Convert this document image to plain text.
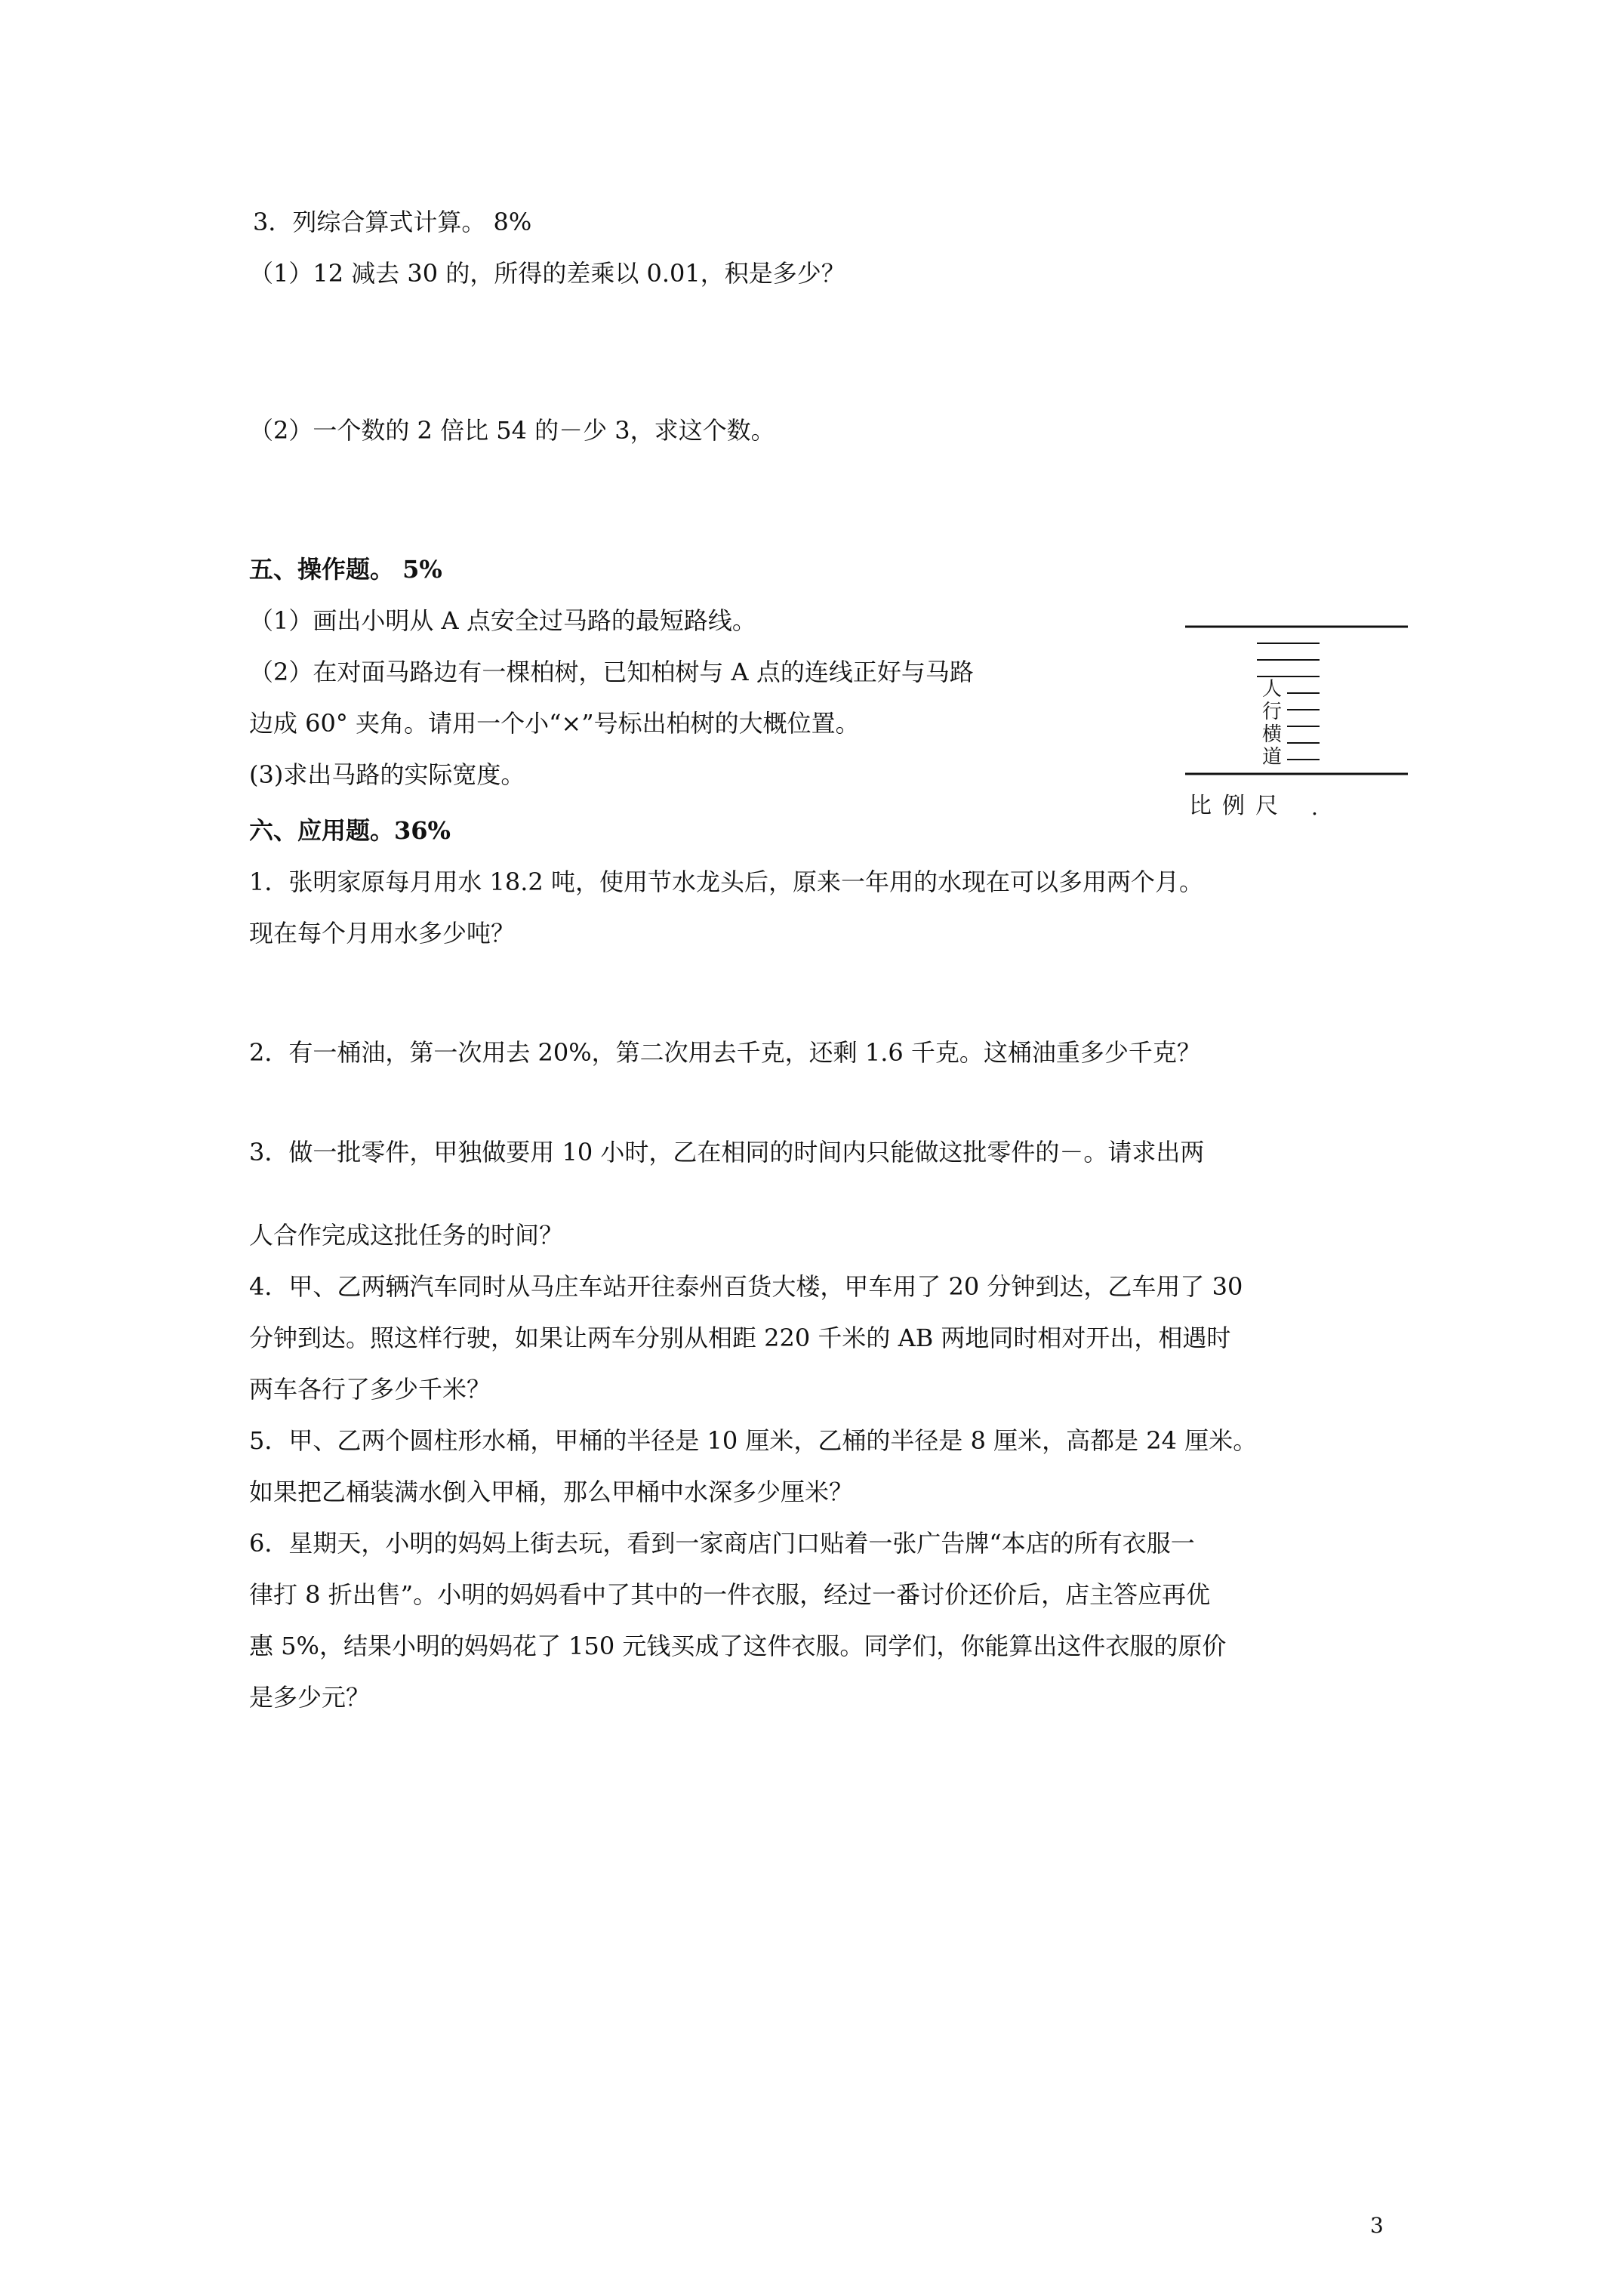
3．列综合算式计算。 8%
（1）12 减去 30 的，所得的差乘以 0.01，积是多少？
（2）一个数的 2 倍比 54 的－少 3，求这个数。
五、操作题。 5%
（1）画出小明从 A 点安全过马路的最短路线。
（2）在对面马路边有一棵柏树，已知柏树与 A 点的连线正好与马路
边成 60° 夹角。请用一个小“×”号标出柏树的大概位置。
(3)求出马路的实际宽度。
人
行
横
道
比例尺 .
六、应用题。36%
1．张明家原每月用水 18.2 吨，使用节水龙头后，原来一年用的水现在可以多用两个月。
现在每个月用水多少吨？
2．有一桶油，第一次用去 20%，第二次用去千克，还剩 1.6 千克。这桶油重多少千克？
3．做一批零件，甲独做要用 10 小时，乙在相同的时间内只能做这批零件的－。请求出两
人合作完成这批任务的时间？
4．甲、乙两辆汽车同时从马庄车站开往泰州百货大楼，甲车用了 20 分钟到达，乙车用了 30
分钟到达。照这样行驶，如果让两车分别从相距 220 千米的 AB 两地同时相对开出，相遇时
两车各行了多少千米？
5．甲、乙两个圆柱形水桶，甲桶的半径是 10 厘米，乙桶的半径是 8 厘米，高都是 24 厘米。
如果把乙桶装满水倒入甲桶，那么甲桶中水深多少厘米？
6．星期天，小明的妈妈上街去玩，看到一家商店门口贴着一张广告牌“本店的所有衣服一
律打 8 折出售”。小明的妈妈看中了其中的一件衣服，经过一番讨价还价后，店主答应再优
惠 5%，结果小明的妈妈花了 150 元钱买成了这件衣服。同学们，你能算出这件衣服的原价
是多少元？
3
